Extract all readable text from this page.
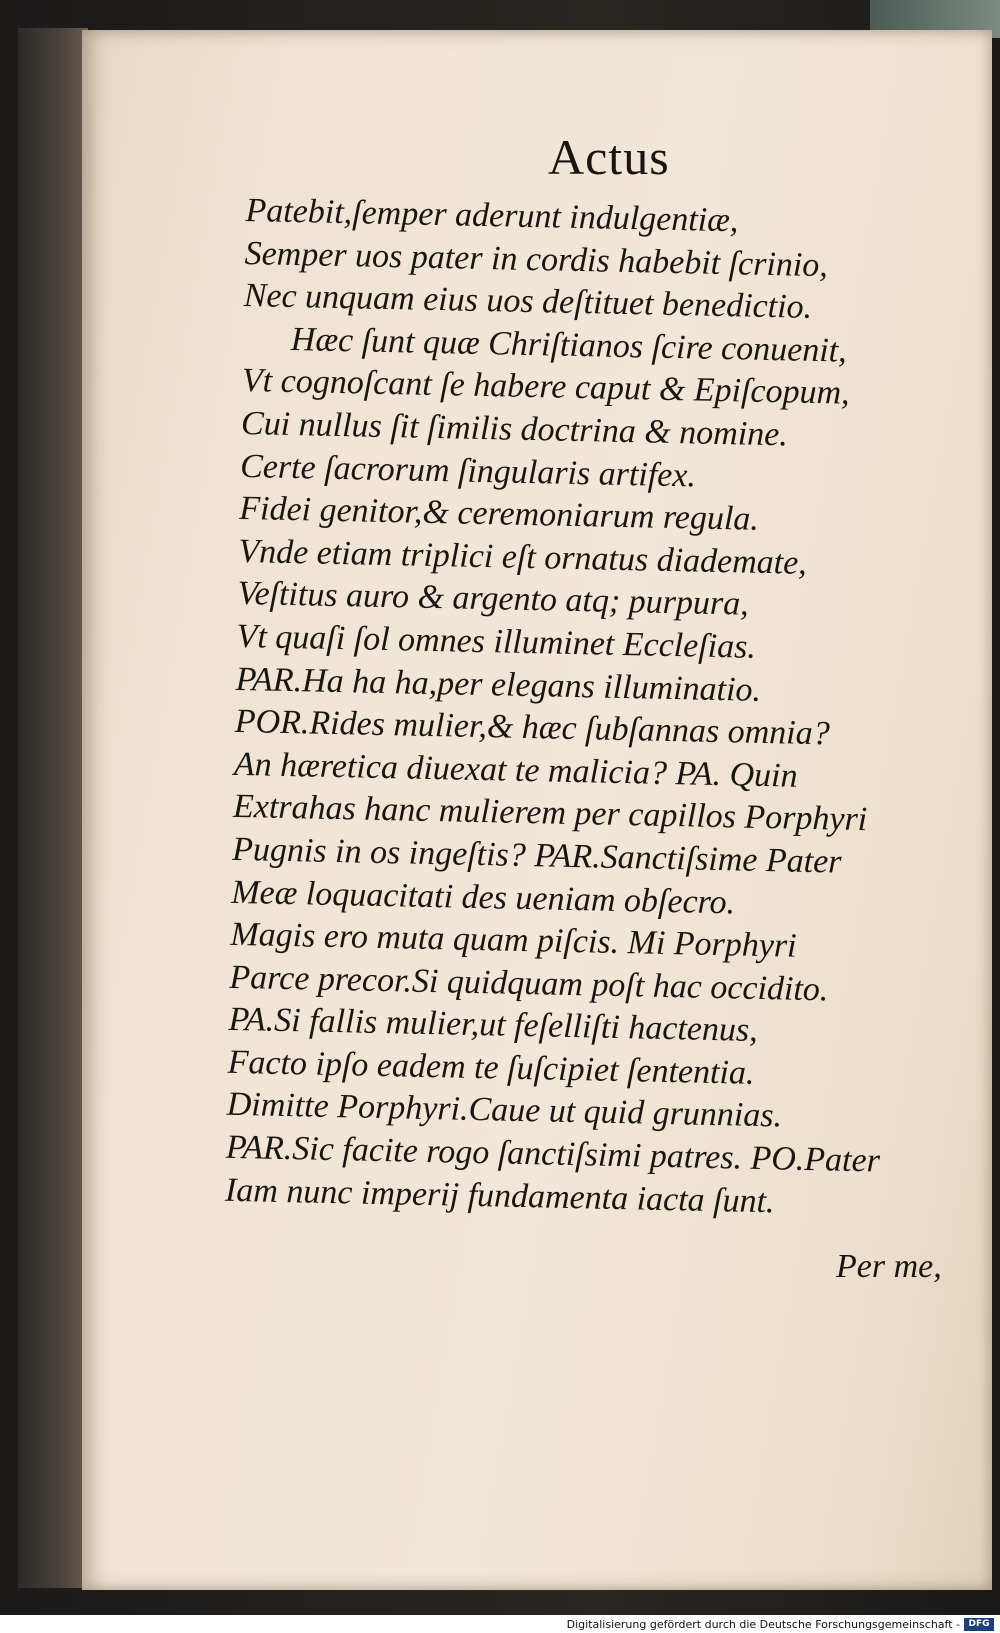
Actus
Patebit,ſemper aderunt indulgentiæ,
Semper uos pater in cordis habebit ſcrinio,
Nec unquam eius uos deſtituet benedictio.
Hæc ſunt quæ Chriſtianos ſcire conuenit,
Vt cognoſcant ſe habere caput & Epiſcopum,
Cui nullus ſit ſimilis doctrina & nomine.
Certe ſacrorum ſingularis artifex.
Fidei genitor,& ceremoniarum regula.
Vnde etiam triplici eſt ornatus diademate,
Veſtitus auro & argento atq; purpura,
Vt quaſi ſol omnes illuminet Eccleſias.
PAR.Ha ha ha,per elegans illuminatio.
POR.Rides mulier,& hæc ſubſannas omnia?
An hæretica diuexat te malicia? PA. Quin
Extrahas hanc mulierem per capillos Porphyri
Pugnis in os ingeſtis? PAR.Sanctiſsime Pater
Meæ loquacitati des ueniam obſecro.
Magis ero muta quam piſcis. Mi Porphyri
Parce precor.Si quidquam poſt hac occidito.
PA.Si fallis mulier,ut feſelliſti hactenus,
Facto ipſo eadem te ſuſcipiet ſententia.
Dimitte Porphyri.Caue ut quid grunnias.
PAR.Sic facite rogo ſanctiſsimi patres. PO.Pater
Iam nunc imperij fundamenta iacta ſunt.
Per me,
Digitalisierung gefördert durch die Deutsche Forschungsgemeinschaft - DFG
